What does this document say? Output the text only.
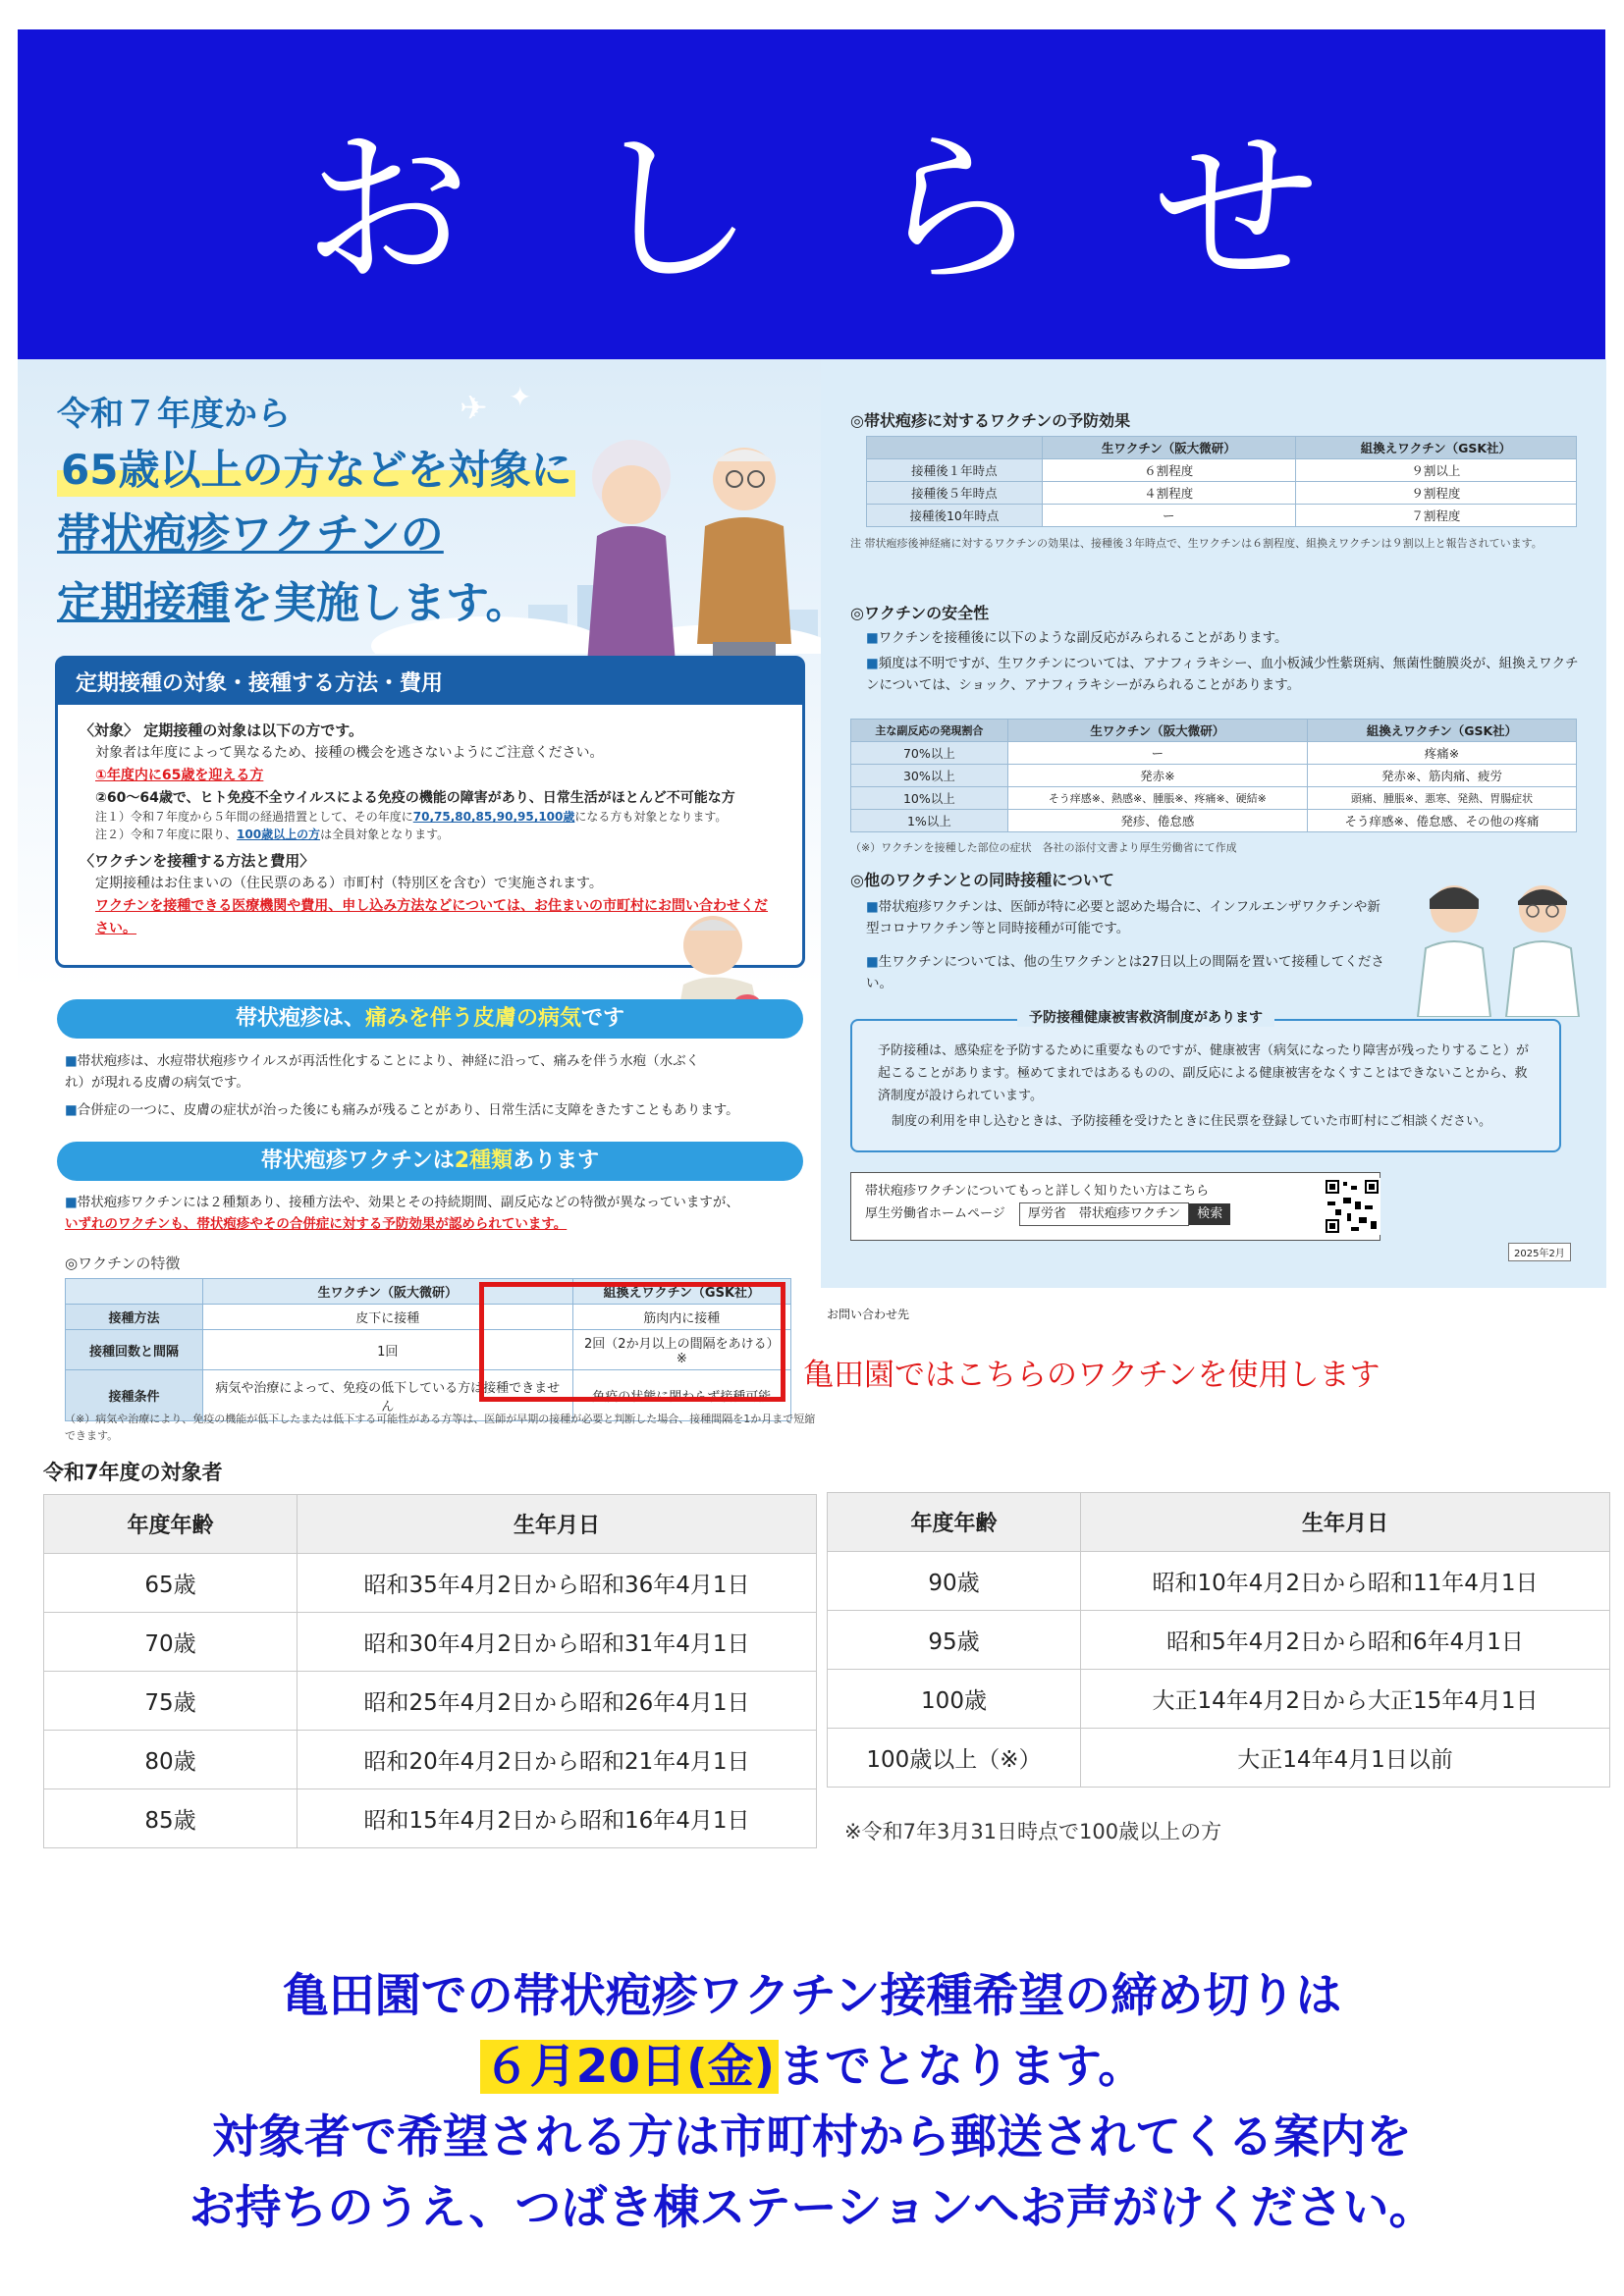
おしらせ
✈ ✦
令和７年度から
65歳以上の方などを対象に
帯状疱疹ワクチンの
定期接種を実施します。
定期接種の対象・接種する方法・費用
〈対象〉 定期接種の対象は以下の方です。
対象者は年度によって異なるため、接種の機会を逃さないようにご注意ください。
①年度内に65歳を迎える方
②60～64歳で、ヒト免疫不全ウイルスによる免疫の機能の障害があり、日常生活がほとんど不可能な方
注１）令和７年度から５年間の経過措置として、その年度に70,75,80,85,90,95,100歳になる方も対象となります。
注２）令和７年度に限り、100歳以上の方は全員対象となります。
〈ワクチンを接種する方法と費用〉
定期接種はお住まいの（住民票のある）市町村（特別区を含む）で実施されます。
ワクチンを接種できる医療機関や費用、申し込み方法などについては、お住まいの市町村にお問い合わせください。
帯状疱疹は、痛みを伴う皮膚の病気です
■帯状疱疹は、水痘帯状疱疹ウイルスが再活性化することにより、神経に沿って、痛みを伴う水疱（水ぶくれ）が現れる皮膚の病気です。
■合併症の一つに、皮膚の症状が治った後にも痛みが残ることがあり、日常生活に支障をきたすこともあります。
帯状疱疹ワクチンは2種類あります
■帯状疱疹ワクチンには２種類あり、接種方法や、効果とその持続期間、副反応などの特徴が異なっていますが、
いずれのワクチンも、帯状疱疹やその合併症に対する予防効果が認められています。
◎ワクチンの特徴
	生ワクチン（阪大微研）	組換えワクチン（GSK社）
接種方法	皮下に接種	筋肉内に接種
接種回数と間隔	1回	2回（2か月以上の間隔をあける）※
接種条件	病気や治療によって、免疫の低下している方は接種できません	免疫の状態に関わらず接種可能
（※）病気や治療により、免疫の機能が低下したまたは低下する可能性がある方等は、医師が早期の接種が必要と判断した場合、接種間隔を1か月まで短縮できます。
◎帯状疱疹に対するワクチンの予防効果
	生ワクチン（阪大微研）	組換えワクチン（GSK社）
接種後１年時点	６割程度	９割以上
接種後５年時点	４割程度	９割程度
接種後10年時点	ー	７割程度
注 帯状疱疹後神経痛に対するワクチンの効果は、接種後３年時点で、生ワクチンは６割程度、組換えワクチンは９割以上と報告されています。
◎ワクチンの安全性
■ワクチンを接種後に以下のような副反応がみられることがあります。
■頻度は不明ですが、生ワクチンについては、アナフィラキシー、血小板減少性紫斑病、無菌性髄膜炎が、組換えワクチンについては、ショック、アナフィラキシーがみられることがあります。
主な副反応の発現割合	生ワクチン（阪大微研）	組換えワクチン（GSK社）
70%以上	ー	疼痛※
30%以上	発赤※	発赤※、筋肉痛、疲労
10%以上	そう痒感※、熱感※、腫脹※、疼痛※、硬結※	頭痛、腫脹※、悪寒、発熱、胃腸症状
1%以上	発疹、倦怠感	そう痒感※、倦怠感、その他の疼痛
（※）ワクチンを接種した部位の症状　各社の添付文書より厚生労働省にて作成
◎他のワクチンとの同時接種について
■帯状疱疹ワクチンは、医師が特に必要と認めた場合に、インフルエンザワクチンや新型コロナワクチン等と同時接種が可能です。
■生ワクチンについては、他の生ワクチンとは27日以上の間隔を置いて接種してください。
予防接種は、感染症を予防するために重要なものですが、健康被害（病気になったり障害が残ったりすること）が起こることがあります。極めてまれではあるものの、副反応による健康被害をなくすことはできないことから、救済制度が設けられています。
制度の利用を申し込むときは、予防接種を受けたときに住民票を登録していた市町村にご相談ください。
予防接種健康被害救済制度があります
帯状疱疹ワクチンについてもっと詳しく知りたい方はこちら
厚生労働省ホームページ 厚労省　帯状疱疹ワクチン 検索
2025年2月
お問い合わせ先
亀田園ではこちらのワクチンを使用します
令和7年度の対象者
年度年齢	生年月日
65歳	昭和35年4月2日から昭和36年4月1日
70歳	昭和30年4月2日から昭和31年4月1日
75歳	昭和25年4月2日から昭和26年4月1日
80歳	昭和20年4月2日から昭和21年4月1日
85歳	昭和15年4月2日から昭和16年4月1日
年度年齢	生年月日
90歳	昭和10年4月2日から昭和11年4月1日
95歳	昭和5年4月2日から昭和6年4月1日
100歳	大正14年4月2日から大正15年4月1日
100歳以上（※）	大正14年4月1日以前
※令和7年3月31日時点で100歳以上の方
亀田園での帯状疱疹ワクチン接種希望の締め切りは
６月20日(金)までとなります。
対象者で希望される方は市町村から郵送されてくる案内を
お持ちのうえ、つばき棟ステーションへお声がけください。
